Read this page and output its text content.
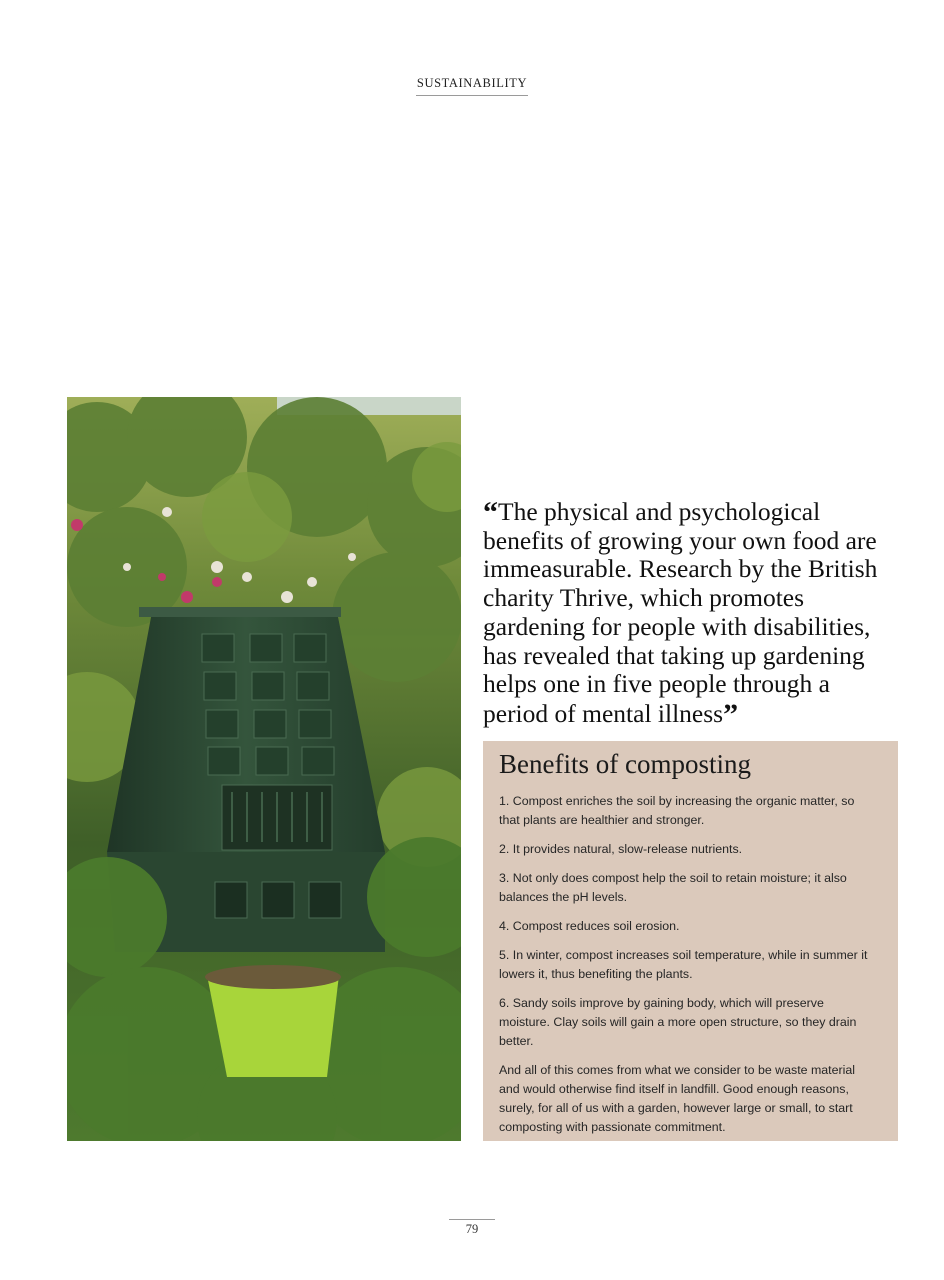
SUSTAINABILITY

“The physical and psychological benefits of growing your own food are immeasurable. Research by the British charity Thrive, which promotes gardening for people with disabilities, has revealed that taking up gardening helps one in five people through a period of mental illness”

Benefits of composting

1. Compost enriches the soil by increasing the organic matter, so that plants are healthier and stronger.

2. It provides natural, slow-release nutrients.

3. Not only does compost help the soil to retain moisture; it also balances the pH levels.

4. Compost reduces soil erosion.

5. In winter, compost increases soil temperature, while in summer it lowers it, thus benefiting the plants.

6. Sandy soils improve by gaining body, which will preserve moisture. Clay soils will gain a more open structure, so they drain better.

And all of this comes from what we consider to be waste material and would otherwise find itself in landfill. Good enough reasons, surely, for all of us with a garden, however large or small, to start composting with passionate commitment.

79
